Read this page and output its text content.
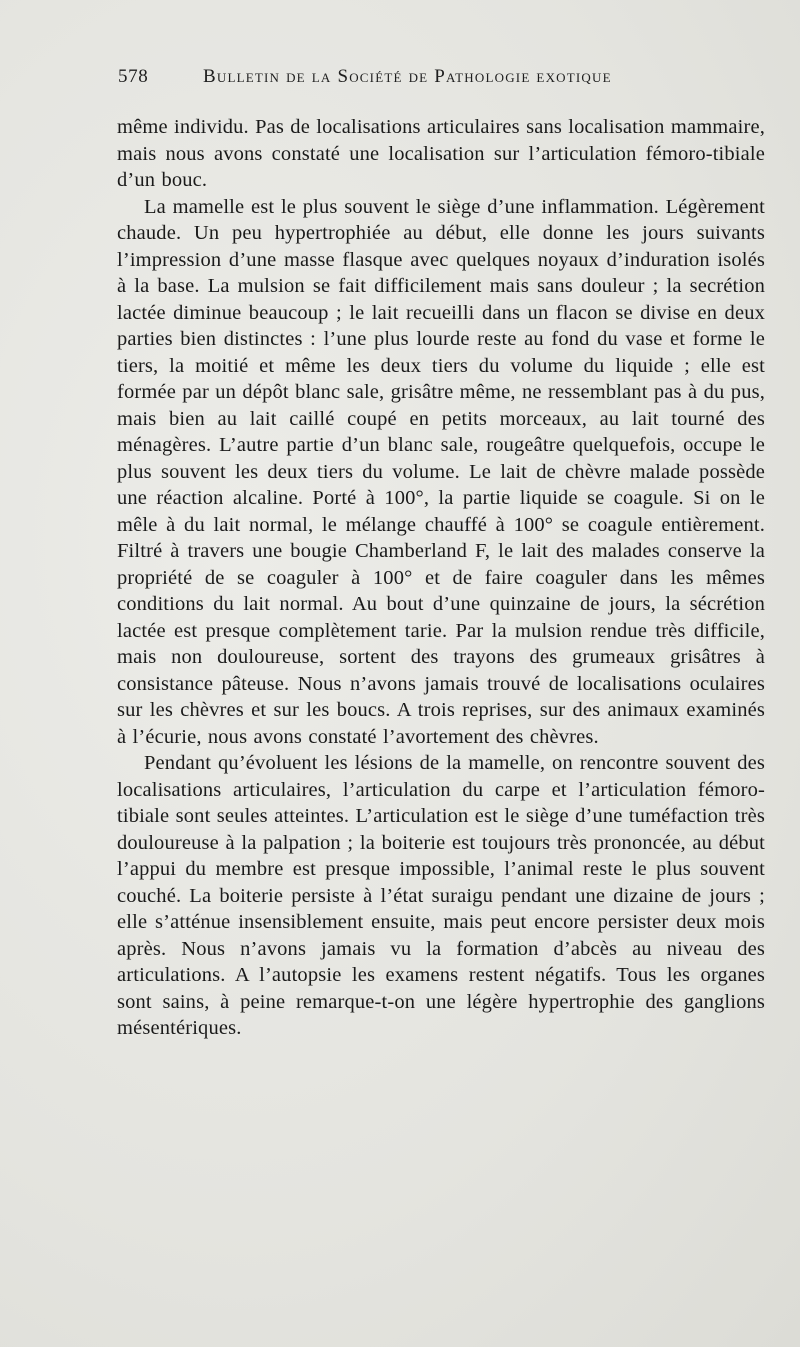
578	Bulletin de la Société de Pathologie exotique

même individu. Pas de localisations articulaires sans localisation mammaire, mais nous avons constaté une localisation sur l’articulation fémoro-tibiale d’un bouc.

La mamelle est le plus souvent le siège d’une inflammation. Légèrement chaude. Un peu hypertrophiée au début, elle donne les jours suivants l’impression d’une masse flasque avec quelques noyaux d’induration isolés à la base. La mulsion se fait difficilement mais sans douleur ; la secrétion lactée diminue beaucoup ; le lait recueilli dans un flacon se divise en deux parties bien distinctes : l’une plus lourde reste au fond du vase et forme le tiers, la moitié et même les deux tiers du volume du liquide ; elle est formée par un dépôt blanc sale, grisâtre même, ne ressemblant pas à du pus, mais bien au lait caillé coupé en petits morceaux, au lait tourné des ménagères. L’autre partie d’un blanc sale, rougeâtre quelquefois, occupe le plus souvent les deux tiers du volume. Le lait de chèvre malade possède une réaction alcaline. Porté à 100°, la partie liquide se coagule. Si on le mêle à du lait normal, le mélange chauffé à 100° se coagule entièrement. Filtré à travers une bougie Chamberland F, le lait des malades conserve la propriété de se coaguler à 100° et de faire coaguler dans les mêmes conditions du lait normal. Au bout d’une quinzaine de jours, la sécrétion lactée est presque complètement tarie. Par la mulsion rendue très difficile, mais non douloureuse, sortent des trayons des grumeaux grisâtres à consistance pâteuse. Nous n’avons jamais trouvé de localisations oculaires sur les chèvres et sur les boucs. A trois reprises, sur des animaux examinés à l’écurie, nous avons constaté l’avortement des chèvres.

Pendant qu’évoluent les lésions de la mamelle, on rencontre souvent des localisations articulaires, l’articulation du carpe et l’articulation fémoro-tibiale sont seules atteintes. L’articulation est le siège d’une tuméfaction très douloureuse à la palpation ; la boiterie est toujours très prononcée, au début l’appui du membre est presque impossible, l’animal reste le plus souvent couché. La boiterie persiste à l’état suraigu pendant une dizaine de jours ; elle s’atténue insensiblement ensuite, mais peut encore persister deux mois après. Nous n’avons jamais vu la formation d’abcès au niveau des articulations. A l’autopsie les examens restent négatifs. Tous les organes sont sains, à peine remarque-t-on une légère hypertrophie des ganglions mésentériques.
